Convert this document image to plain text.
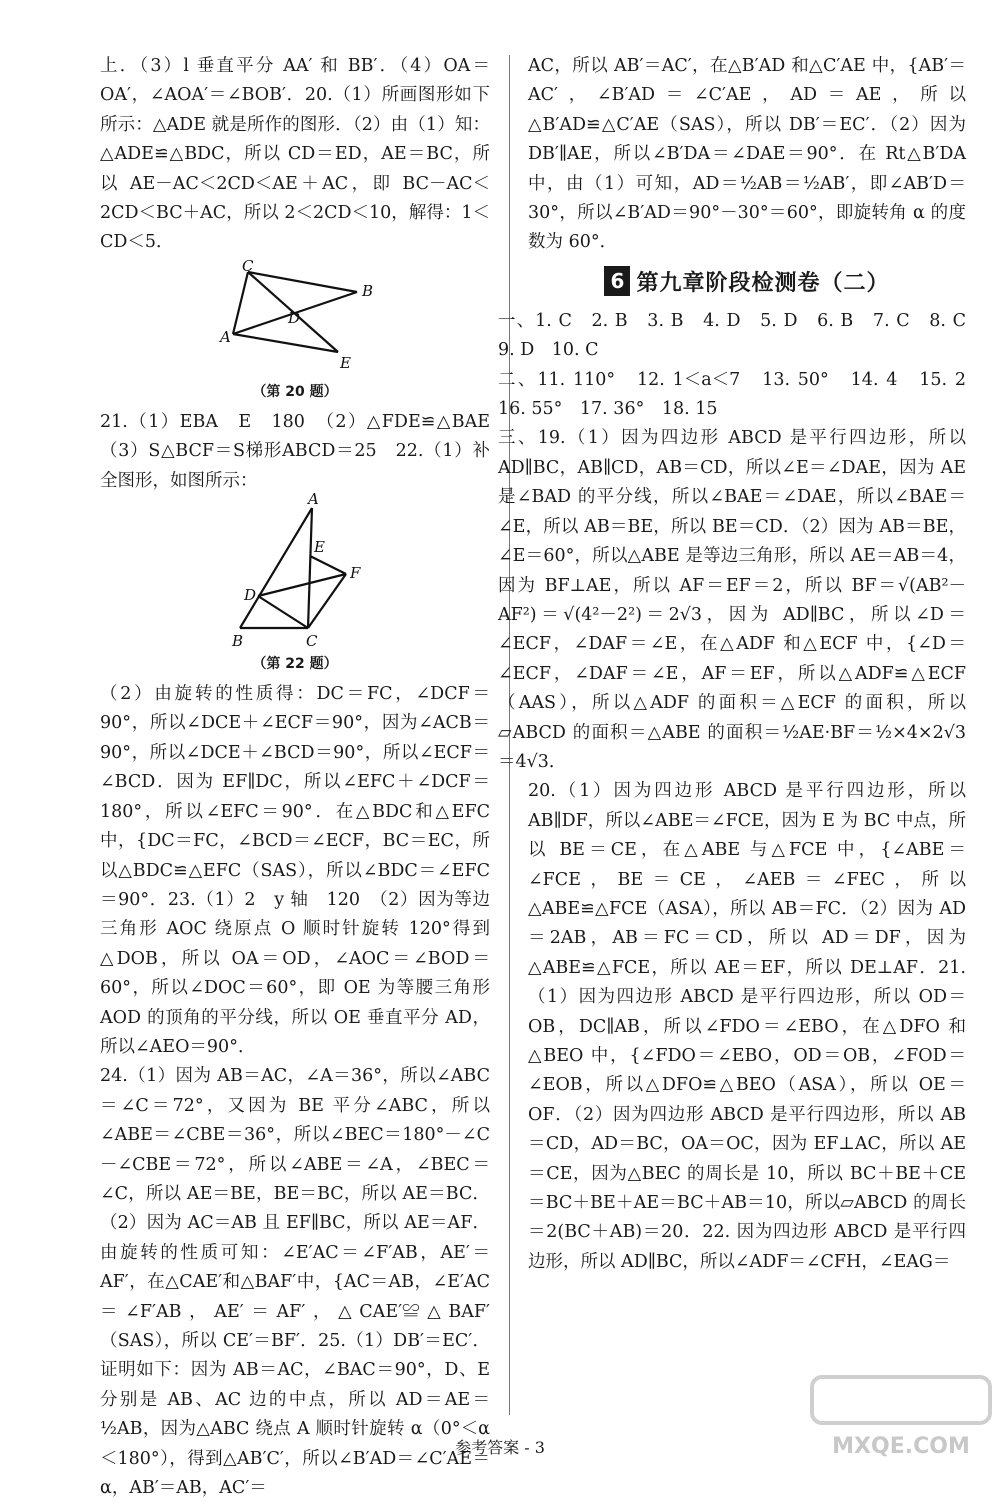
上．（3）l 垂直平分 AA′ 和 BB′．（4）OA＝OA′，∠AOA′＝∠BOB′．20.（1）所画图形如下所示：△ADE 就是所作的图形．（2）由（1）知：△ADE≌△BDC，所以 CD＝ED，AE＝BC，所以 AE－AC＜2CD＜AE＋AC，即 BC－AC＜2CD＜BC＋AC，所以 2＜2CD＜10，解得：1＜CD＜5．

C
B
D
A
E

（第 20 题）

21.（1）EBA　E　180　（2）△FDE≌△BAE（3）S△BCF＝S梯形ABCD＝25　22.（1）补全图形，如图所示：

A
E
F
D
B	C

（第 22 题）

（2）由旋转的性质得：DC＝FC，∠DCF＝90°，所以∠DCE＋∠ECF＝90°，因为∠ACB＝90°，所以∠DCE＋∠BCD＝90°，所以∠ECF＝∠BCD．因为 EF∥DC，所以∠EFC＋∠DCF＝180°，所以∠EFC＝90°．在△BDC和△EFC 中，{DC＝FC，∠BCD＝∠ECF，BC＝EC，所以△BDC≌△EFC（SAS），所以∠BDC＝∠EFC＝90°．23.（1）2　y 轴　120　（2）因为等边三角形 AOC 绕原点 O 顺时针旋转 120°得到△DOB，所以 OA＝OD，∠AOC＝∠BOD＝60°，所以∠DOC＝60°，即 OE 为等腰三角形 AOD 的顶角的平分线，所以 OE 垂直平分 AD，所以∠AEO＝90°．

24.（1）因为 AB＝AC，∠A＝36°，所以∠ABC＝∠C＝72°，又因为 BE 平分∠ABC，所以∠ABE＝∠CBE＝36°，所以∠BEC＝180°－∠C－∠CBE＝72°，所以∠ABE＝∠A，∠BEC＝∠C，所以 AE＝BE，BE＝BC，所以 AE＝BC．（2）因为 AC＝AB 且 EF∥BC，所以 AE＝AF．由旋转的性质可知：∠E′AC＝∠F′AB，AE′＝AF′，在△CAE′和△BAF′中，{AC＝AB，∠E′AC＝∠F′AB，AE′＝AF′，△CAE′≌△BAF′（SAS），所以 CE′＝BF′．25.（1）DB′＝EC′．证明如下：因为 AB＝AC，∠BAC＝90°，D、E 分别是 AB、AC 边的中点，所以 AD＝AE＝½AB，因为△ABC 绕点 A 顺时针旋转 α（0°＜α＜180°），得到△AB′C′，所以∠B′AD＝∠C′AE＝α，AB′＝AB，AC′＝

AC，所以 AB′＝AC′，在△B′AD 和△C′AE 中，{AB′＝AC′，∠B′AD＝∠C′AE，AD＝AE，所以△B′AD≌△C′AE（SAS），所以 DB′＝EC′．（2）因为 DB′∥AE，所以∠B′DA＝∠DAE＝90°．在 Rt△B′DA 中，由（1）可知，AD＝½AB＝½AB′，即∠AB′D＝30°，所以∠B′AD＝90°－30°＝60°，即旋转角 α 的度数为 60°．

6 第九章阶段检测卷（二）

一、1. C　2. B　3. B　4. D　5. D　6. B　7. C　8. C　9. D　10. C

二、11. 110°　12. 1＜a＜7　13. 50°　14. 4　15. 2　16. 55°　17. 36°　18. 15

三、19.（1）因为四边形 ABCD 是平行四边形，所以 AD∥BC，AB∥CD，AB＝CD，所以∠E＝∠DAE，因为 AE 是∠BAD 的平分线，所以∠BAE＝∠DAE，所以∠BAE＝∠E，所以 AB＝BE，所以 BE＝CD．（2）因为 AB＝BE，∠E＝60°，所以△ABE 是等边三角形，所以 AE＝AB＝4，因为 BF⊥AE，所以 AF＝EF＝2，所以 BF＝√(AB²－AF²)＝√(4²－2²)＝2√3，因为 AD∥BC，所以∠D＝∠ECF，∠DAF＝∠E，在△ADF 和△ECF 中，{∠D＝∠ECF，∠DAF＝∠E，AF＝EF，所以△ADF≌△ECF（AAS），所以△ADF 的面积＝△ECF 的面积，所以▱ABCD 的面积＝△ABE 的面积＝½AE·BF＝½×4×2√3＝4√3．

20.（1）因为四边形 ABCD 是平行四边形，所以 AB∥DF，所以∠ABE＝∠FCE，因为 E 为 BC 中点，所以 BE＝CE，在△ABE 与△FCE 中，{∠ABE＝∠FCE，BE＝CE，∠AEB＝∠FEC，所以△ABE≌△FCE（ASA），所以 AB＝FC．（2）因为 AD＝2AB，AB＝FC＝CD，所以 AD＝DF，因为△ABE≌△FCE，所以 AE＝EF，所以 DE⊥AF．21.（1）因为四边形 ABCD 是平行四边形，所以 OD＝OB，DC∥AB，所以∠FDO＝∠EBO，在△DFO 和△BEO 中，{∠FDO＝∠EBO，OD＝OB，∠FOD＝∠EOB，所以△DFO≌△BEO（ASA），所以 OE＝OF．（2）因为四边形 ABCD 是平行四边形，所以 AB＝CD，AD＝BC，OA＝OC，因为 EF⊥AC，所以 AE＝CE，因为△BEC 的周长是 10，所以 BC＋BE＋CE＝BC＋BE＋AE＝BC＋AB＝10，所以▱ABCD 的周长＝2(BC＋AB)＝20．22. 因为四边形 ABCD 是平行四边形，所以 AD∥BC，所以∠ADF＝∠CFH，∠EAG＝

参考答案 - 3	MXQE.COM
